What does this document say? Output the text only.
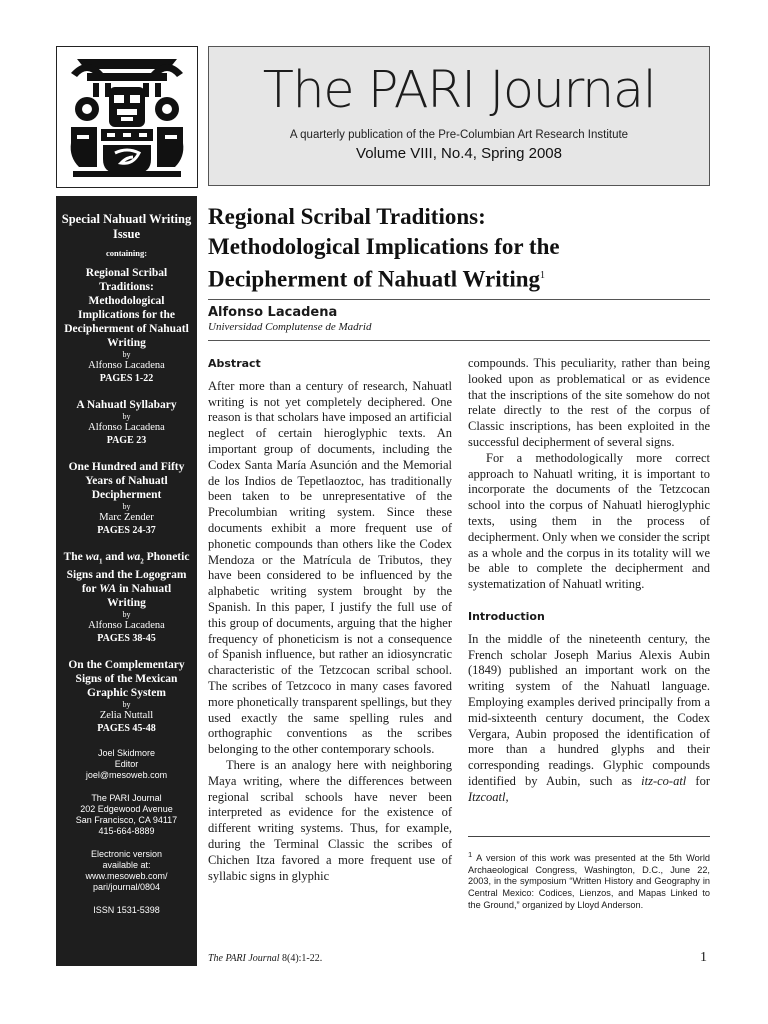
The PARI Journal
A quarterly publication of the Pre-Columbian Art Research Institute
Volume VIII, No.4, Spring 2008
Special Nahuatl Writing Issue
containing:
Regional Scribal Traditions: Methodological Implications for the Decipherment of Nahuatl Writing
by
Alfonso Lacadena
PAGES 1-22
A Nahuatl Syllabary
by
Alfonso Lacadena
PAGE 23
One Hundred and Fifty Years of Nahuatl Decipherment
by
Marc Zender
PAGES 24-37
The $wa_1$ and $wa_2$ Phonetic Signs and the Logogram for WA in Nahuatl Writing
by
Alfonso Lacadena
PAGES 38-45
On the Complementary Signs of the Mexican Graphic System
by
Zelia Nuttall
PAGES 45-48
Joel Skidmore
Editor
joel@mesoweb.com
The PARI Journal
202 Edgewood Avenue
San Francisco, CA 94117
415-664-8889
Electronic version
available at:
www.mesoweb.com/
pari/journal/0804
ISSN 1531-5398
Regional Scribal Traditions:
Methodological Implications for the
Decipherment of Nahuatl Writing$^1$
Alfonso Lacadena
Universidad Complutense de Madrid
Abstract

After more than a century of research, Nahuatl writing is not yet completely deciphered. One reason is that scholars have imposed an artificial neglect of certain hieroglyphic texts. An important group of documents, including the Codex Santa María Asunción and the Memorial de los Indios de Tepetlaoztoc, has traditionally been taken to be unrepresentative of the Precolumbian writing system. Since these documents exhibit a more frequent use of phonetic compounds than others like the Codex Mendoza or the Matrícula de Tributos, they have been considered to be influenced by the alphabetic writing system brought by the Spanish. In this paper, I justify the full use of this group of documents, arguing that the higher frequency of phoneticism is not a consequence of Spanish influence, but rather an idiosyncratic characteristic of the Tetzcocan scribal school. The scribes of Tetzcoco in many cases favored more phonetically transparent spellings, but they used exactly the same spelling rules and orthographic conventions as the scribes belonging to the other contemporary schools.

There is an analogy here with neighboring Maya writing, where the differences between regional scribal schools have never been interpreted as evidence for the existence of different writing systems. Thus, for example, during the Terminal Classic the scribes of Chichen Itza favored a more frequent use of syllabic signs in glyphic

compounds. This peculiarity, rather than being looked upon as problematical or as evidence that the inscriptions of the site somehow do not relate directly to the rest of the corpus of Classic inscriptions, has been exploited in the successful decipherment of several signs.

For a methodologically more correct approach to Nahuatl writing, it is important to incorporate the documents of the Tetzcocan school into the corpus of Nahuatl hieroglyphic texts, using them in the process of decipherment. Only when we consider the script as a whole and the corpus in its totality will we be able to complete the decipherment and systematization of Nahuatl writing.

Introduction

In the middle of the nineteenth century, the French scholar Joseph Marius Alexis Aubin (1849) published an important work on the writing system of the Nahuatl language. Employing examples derived principally from a mid-sixteenth century document, the Codex Vergara, Aubin proposed the identification of more than a hundred glyphs and their corresponding readings. Glyphic compounds identified by Aubin, such as itz-co-atl for Itzcoatl,

$^1$ A version of this work was presented at the 5th World Archaeological Congress, Washington, D.C., June 22, 2003, in the symposium “Written History and Geography in Central Mexico: Codices, Lienzos, and Mapas Linked to the Ground,” organized by Lloyd Anderson.
The PARI Journal 8(4):1-22.	1
